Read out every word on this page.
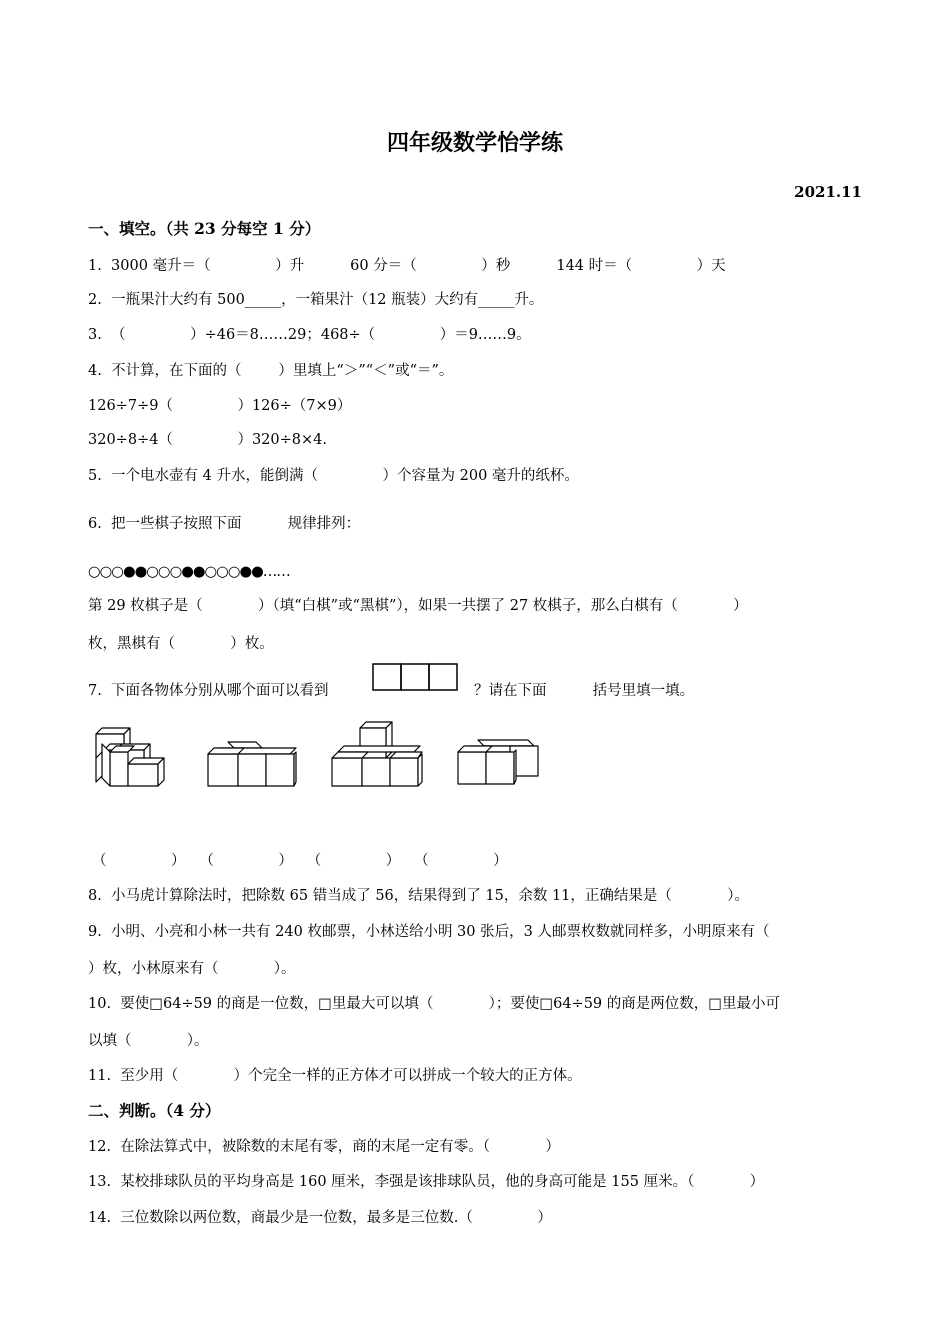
四年级数学怡学练
2021.11
一、填空。（共 23 分每空 1 分）
1.  3000 毫升＝（              ）升          60 分＝（              ）秒          144 时＝（              ）天
2.  一瓶果汁大约有 500_____，一箱果汁（12 瓶装）大约有_____升。
3.  （              ）÷46＝8……29；468÷（              ）＝9……9。
4.  不计算，在下面的（        ）里填上“＞”“＜”或“＝”。
126÷7÷9（              ）126÷（7×9）
320÷8÷4（              ）320÷8×4.
5.  一个电水壶有 4 升水，能倒满（              ）个容量为 200 毫升的纸杯。
6.  把一些棋子按照下面          规律排列：
○○○●●○○○●●○○○●●……
第 29 枚棋子是（            ）（填“白棋”或“黑棋”），如果一共摆了 27 枚棋子，那么白棋有（            ）
枚，黑棋有（            ）枚。
7.  下面各物体分别从哪个面可以看到	？请在下面          括号里填一填。
（              ）   （              ）   （              ）   （              ）
8.  小马虎计算除法时，把除数 65 错当成了 56，结果得到了 15，余数 11，正确结果是（            ）。
9.  小明、小亮和小林一共有 240 枚邮票，小林送给小明 30 张后，3 人邮票枚数就同样多，小明原来有（
）枚，小林原来有（            ）。
10.  要使□64÷59 的商是一位数，□里最大可以填（            ）；要使□64÷59 的商是两位数，□里最小可
以填（            ）。
11.  至少用（            ）个完全一样的正方体才可以拼成一个较大的正方体。
二、判断。（4 分）
12.  在除法算式中，被除数的末尾有零，商的末尾一定有零。（            ）
13.  某校排球队员的平均身高是 160 厘米，李强是该排球队员，他的身高可能是 155 厘米。（            ）
14.  三位数除以两位数，商最少是一位数，最多是三位数.（              ）
